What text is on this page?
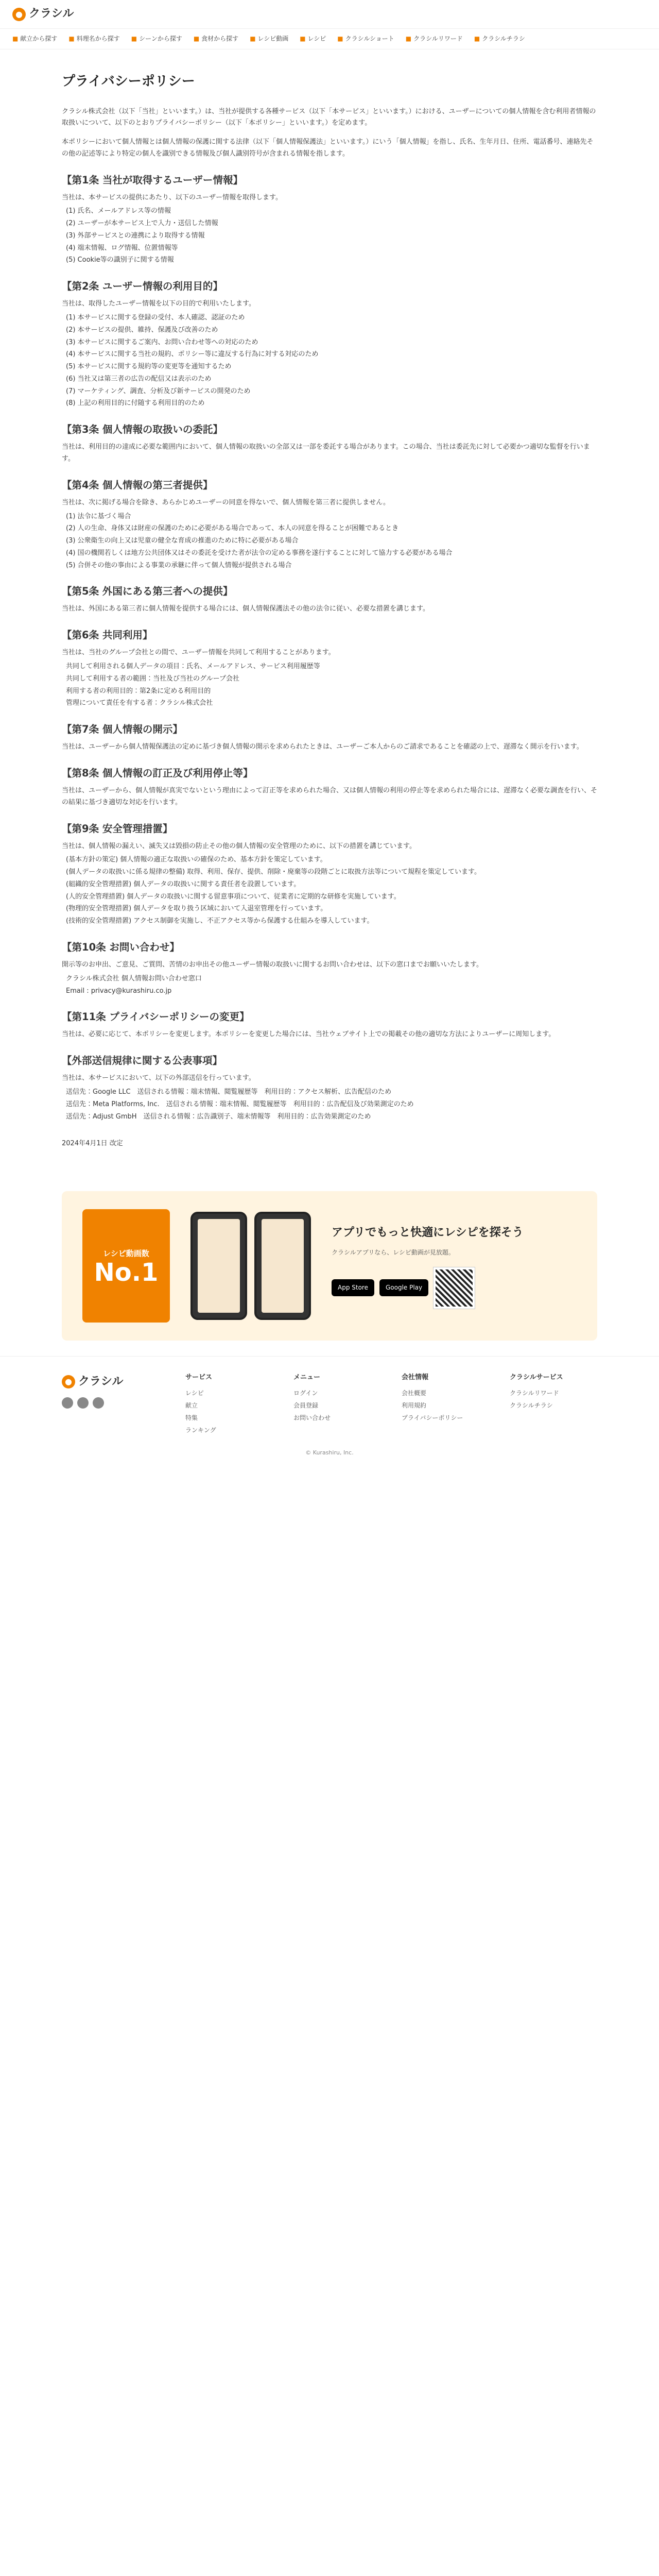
● クラシル
■ 献立から探す ■ 料理名から探す ■ シーンから探す ■ 食材から探す ■ レシピ動画 ■ レシピ ■ クラシルショート ■ クラシルリワード ■ クラシルチラシ
プライバシーポリシー

クラシル株式会社（以下「当社」といいます。）は、当社が提供する各種サービス（以下「本サービス」といいます。）における、ユーザーについての個人情報を含む利用者情報の取扱いについて、以下のとおりプライバシーポリシー（以下「本ポリシー」といいます。）を定めます。

本ポリシーにおいて個人情報とは個人情報の保護に関する法律（以下「個人情報保護法」といいます。）にいう「個人情報」を指し、氏名、生年月日、住所、電話番号、連絡先その他の記述等により特定の個人を識別できる情報及び個人識別符号が含まれる情報を指します。

【第1条 当社が取得するユーザー情報】

当社は、本サービスの提供にあたり、以下のユーザー情報を取得します。

(1) 氏名、メールアドレス等の情報
(2) ユーザーが本サービス上で入力・送信した情報
(3) 外部サービスとの連携により取得する情報
(4) 端末情報、ログ情報、位置情報等
(5) Cookie等の識別子に関する情報
【第2条 ユーザー情報の利用目的】

当社は、取得したユーザー情報を以下の目的で利用いたします。

(1) 本サービスに関する登録の受付、本人確認、認証のため
(2) 本サービスの提供、維持、保護及び改善のため
(3) 本サービスに関するご案内、お問い合わせ等への対応のため
(4) 本サービスに関する当社の規約、ポリシー等に違反する行為に対する対応のため
(5) 本サービスに関する規約等の変更等を通知するため
(6) 当社又は第三者の広告の配信又は表示のため
(7) マーケティング、調査、分析及び新サービスの開発のため
(8) 上記の利用目的に付随する利用目的のため
【第3条 個人情報の取扱いの委託】

当社は、利用目的の達成に必要な範囲内において、個人情報の取扱いの全部又は一部を委託する場合があります。この場合、当社は委託先に対して必要かつ適切な監督を行います。

【第4条 個人情報の第三者提供】

当社は、次に掲げる場合を除き、あらかじめユーザーの同意を得ないで、個人情報を第三者に提供しません。

(1) 法令に基づく場合
(2) 人の生命、身体又は財産の保護のために必要がある場合であって、本人の同意を得ることが困難であるとき
(3) 公衆衛生の向上又は児童の健全な育成の推進のために特に必要がある場合
(4) 国の機関若しくは地方公共団体又はその委託を受けた者が法令の定める事務を遂行することに対して協力する必要がある場合
(5) 合併その他の事由による事業の承継に伴って個人情報が提供される場合
【第5条 外国にある第三者への提供】

当社は、外国にある第三者に個人情報を提供する場合には、個人情報保護法その他の法令に従い、必要な措置を講じます。

【第6条 共同利用】

当社は、当社のグループ会社との間で、ユーザー情報を共同して利用することがあります。

共同して利用される個人データの項目：氏名、メールアドレス、サービス利用履歴等
共同して利用する者の範囲：当社及び当社のグループ会社
利用する者の利用目的：第2条に定める利用目的
管理について責任を有する者：クラシル株式会社
【第7条 個人情報の開示】

当社は、ユーザーから個人情報保護法の定めに基づき個人情報の開示を求められたときは、ユーザーご本人からのご請求であることを確認の上で、遅滞なく開示を行います。

【第8条 個人情報の訂正及び利用停止等】

当社は、ユーザーから、個人情報が真実でないという理由によって訂正等を求められた場合、又は個人情報の利用の停止等を求められた場合には、遅滞なく必要な調査を行い、その結果に基づき適切な対応を行います。

【第9条 安全管理措置】

当社は、個人情報の漏えい、滅失又は毀損の防止その他の個人情報の安全管理のために、以下の措置を講じています。

(基本方針の策定) 個人情報の適正な取扱いの確保のため、基本方針を策定しています。
(個人データの取扱いに係る規律の整備) 取得、利用、保存、提供、削除・廃棄等の段階ごとに取扱方法等について規程を策定しています。
(組織的安全管理措置) 個人データの取扱いに関する責任者を設置しています。
(人的安全管理措置) 個人データの取扱いに関する留意事項について、従業者に定期的な研修を実施しています。
(物理的安全管理措置) 個人データを取り扱う区域において入退室管理を行っています。
(技術的安全管理措置) アクセス制御を実施し、不正アクセス等から保護する仕組みを導入しています。
【第10条 お問い合わせ】

開示等のお申出、ご意見、ご質問、苦情のお申出その他ユーザー情報の取扱いに関するお問い合わせは、以下の窓口までお願いいたします。

クラシル株式会社 個人情報お問い合わせ窓口
Email : privacy@kurashiru.co.jp
【第11条 プライバシーポリシーの変更】

当社は、必要に応じて、本ポリシーを変更します。本ポリシーを変更した場合には、当社ウェブサイト上での掲載その他の適切な方法によりユーザーに周知します。

【外部送信規律に関する公表事項】

当社は、本サービスにおいて、以下の外部送信を行っています。

送信先：Google LLC　送信される情報：端末情報、閲覧履歴等　利用目的：アクセス解析、広告配信のため
送信先：Meta Platforms, Inc.　送信される情報：端末情報、閲覧履歴等　利用目的：広告配信及び効果測定のため
送信先：Adjust GmbH　送信される情報：広告識別子、端末情報等　利用目的：広告効果測定のため

2024年4月1日 改定

レシピ動画数
No.1
アプリでもっと快適にレシピを探そう
クラシルアプリなら、レシピ動画が見放題。
App Store	Google Play
● クラシル	サービス
レシピ
献立
特集
ランキング
メニュー
ログイン
会員登録
お問い合わせ
会社情報
会社概要
利用規約
プライバシーポリシー
クラシルサービス
クラシルリワード
クラシルチラシ
© Kurashiru, Inc.
